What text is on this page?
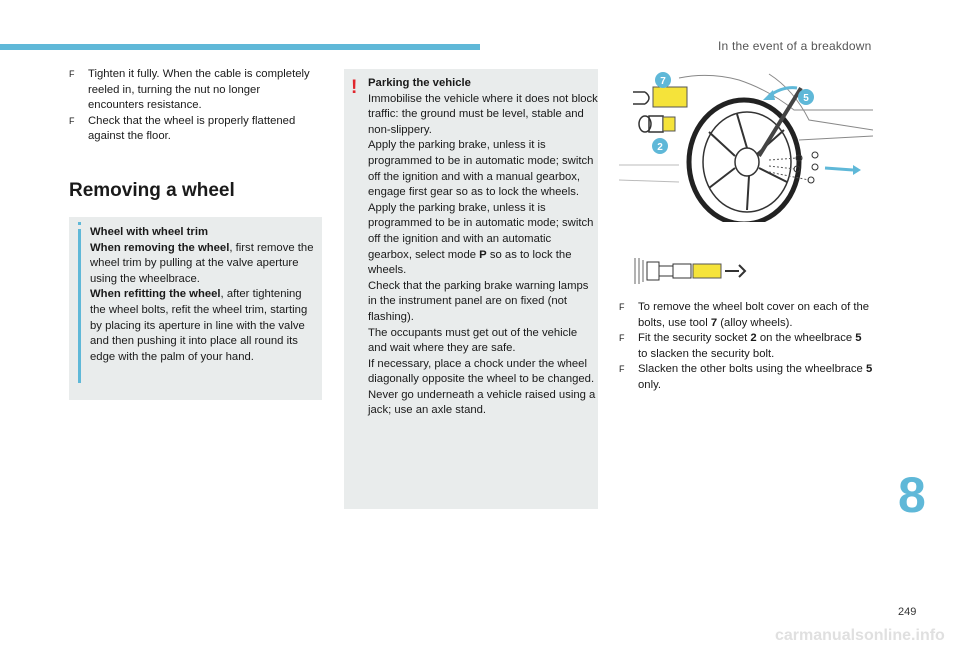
In the event of a breakdown

F Tighten it fully. When the cable is completely reeled in, turning the nut no longer encounters resistance.

F Check that the wheel is properly flattened against the floor.

Removing a wheel
Wheel with wheel trim
When removing the wheel, first remove the wheel trim by pulling at the valve aperture using the wheelbrace.
When refitting the wheel, after tightening the wheel bolts, refit the wheel trim, starting by placing its aperture in line with the valve and then pushing it into place all round its edge with the palm of your hand.
! Parking the vehicle
Immobilise the vehicle where it does not block traffic: the ground must be level, stable and non-slippery.
Apply the parking brake, unless it is programmed to be in automatic mode; switch off the ignition and with a manual gearbox, engage first gear so as to lock the wheels.
Apply the parking brake, unless it is programmed to be in automatic mode; switch off the ignition and with an automatic gearbox, select mode P so as to lock the wheels.
Check that the parking brake warning lamps in the instrument panel are on fixed (not flashing).
The occupants must get out of the vehicle and wait where they are safe.
If necessary, place a chock under the wheel diagonally opposite the wheel to be changed.
Never go underneath a vehicle raised using a jack; use an axle stand.
7
5
2

F To remove the wheel bolt cover on each of the bolts, use tool 7 (alloy wheels).

F Fit the security socket 2 on the wheelbrace 5 to slacken the security bolt.

F Slacken the other bolts using the wheelbrace 5 only.

8
249
carmanualsonline.info
